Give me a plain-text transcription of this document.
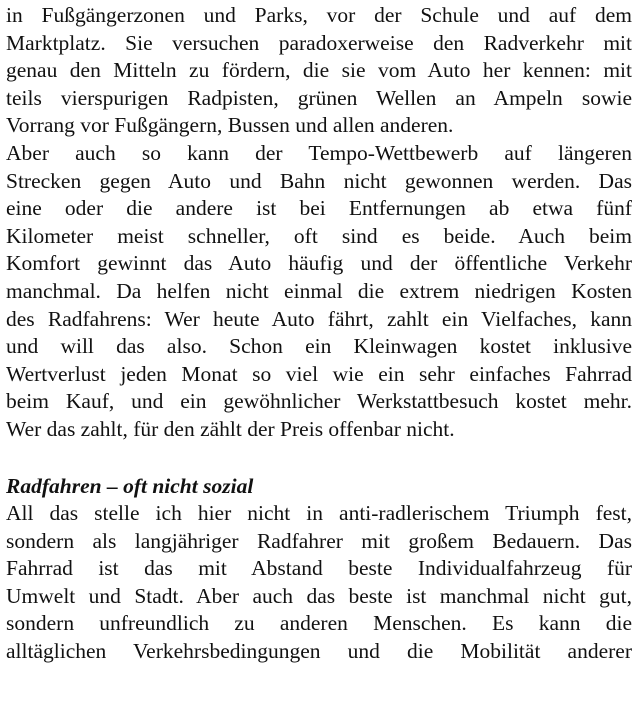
in Fußgängerzonen und Parks, vor der Schule und auf dem
Marktplatz. Sie versuchen paradoxerweise den Radverkehr mit
genau den Mitteln zu fördern, die sie vom Auto her kennen: mit
teils vierspurigen Radpisten, grünen Wellen an Ampeln sowie
Vorrang vor Fußgängern, Bussen und allen anderen.
Aber auch so kann der Tempo-Wettbewerb auf längeren
Strecken gegen Auto und Bahn nicht gewonnen werden. Das
eine oder die andere ist bei Entfernungen ab etwa fünf
Kilometer meist schneller, oft sind es beide. Auch beim
Komfort gewinnt das Auto häufig und der öffentliche Verkehr
manchmal. Da helfen nicht einmal die extrem niedrigen Kosten
des Radfahrens: Wer heute Auto fährt, zahlt ein Vielfaches, kann
und will das also. Schon ein Kleinwagen kostet inklusive
Wertverlust jeden Monat so viel wie ein sehr einfaches Fahrrad
beim Kauf, und ein gewöhnlicher Werkstattbesuch kostet mehr.
Wer das zahlt, für den zählt der Preis offenbar nicht.
Radfahren – oft nicht sozial
All das stelle ich hier nicht in anti-radlerischem Triumph fest,
sondern als langjähriger Radfahrer mit großem Bedauern. Das
Fahrrad ist das mit Abstand beste Individualfahrzeug für
Umwelt und Stadt. Aber auch das beste ist manchmal nicht gut,
sondern unfreundlich zu anderen Menschen. Es kann die
alltäglichen Verkehrsbedingungen und die Mobilität anderer
